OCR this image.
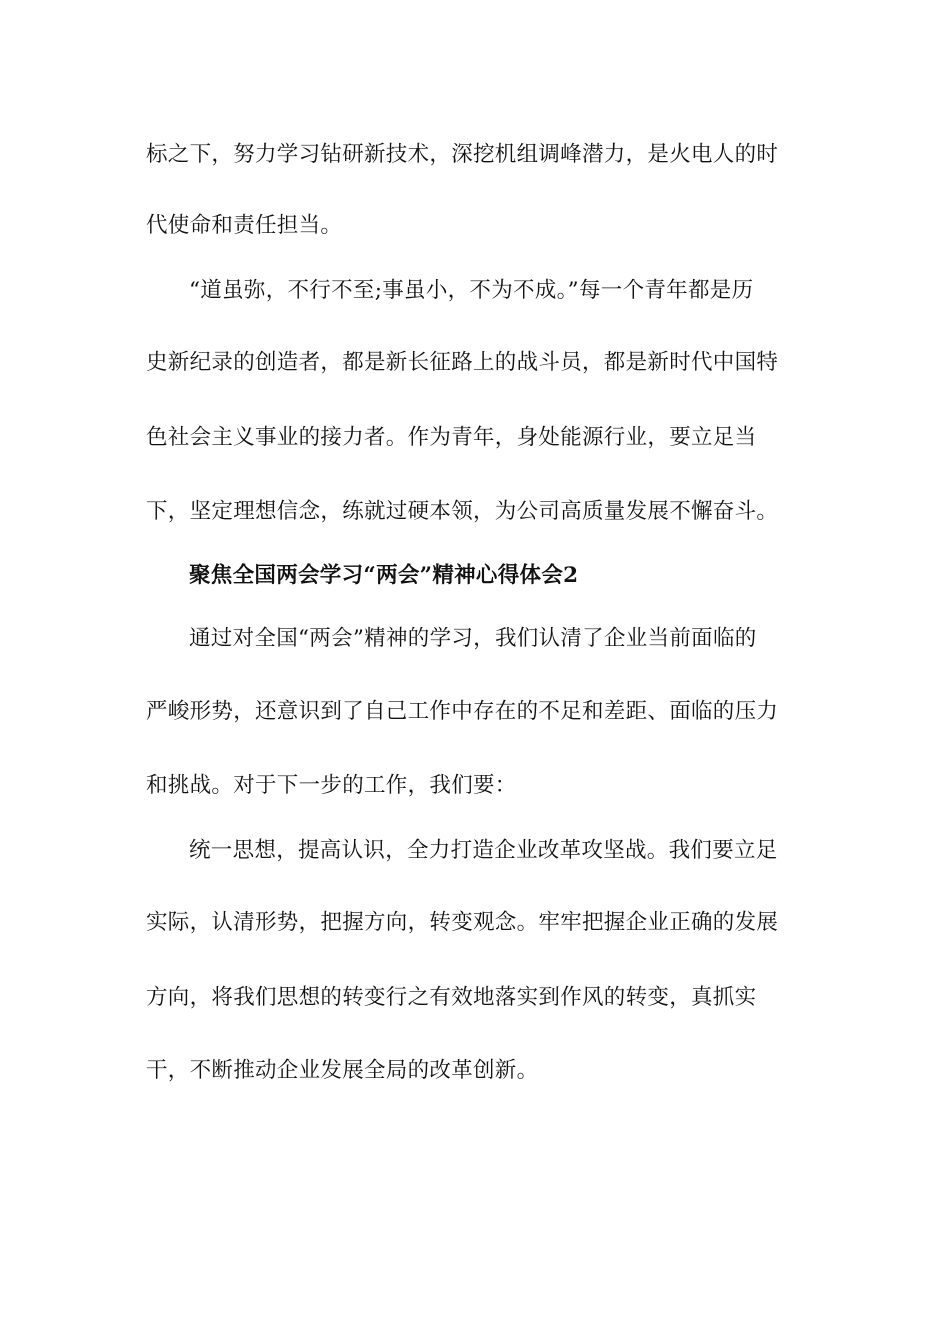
标之下，努力学习钻研新技术，深挖机组调峰潜力，是火电人的时
代使命和责任担当。
“道虽弥，不行不至;事虽小，不为不成。”每一个青年都是历
史新纪录的创造者，都是新长征路上的战斗员，都是新时代中国特
色社会主义事业的接力者。作为青年，身处能源行业，要立足当
下，坚定理想信念，练就过硬本领，为公司高质量发展不懈奋斗。
聚焦全国两会学习“两会”精神心得体会2
通过对全国“两会”精神的学习，我们认清了企业当前面临的
严峻形势，还意识到了自己工作中存在的不足和差距、面临的压力
和挑战。对于下一步的工作，我们要：
统一思想，提高认识，全力打造企业改革攻坚战。我们要立足
实际，认清形势，把握方向，转变观念。牢牢把握企业正确的发展
方向，将我们思想的转变行之有效地落实到作风的转变，真抓实
干，不断推动企业发展全局的改革创新。
